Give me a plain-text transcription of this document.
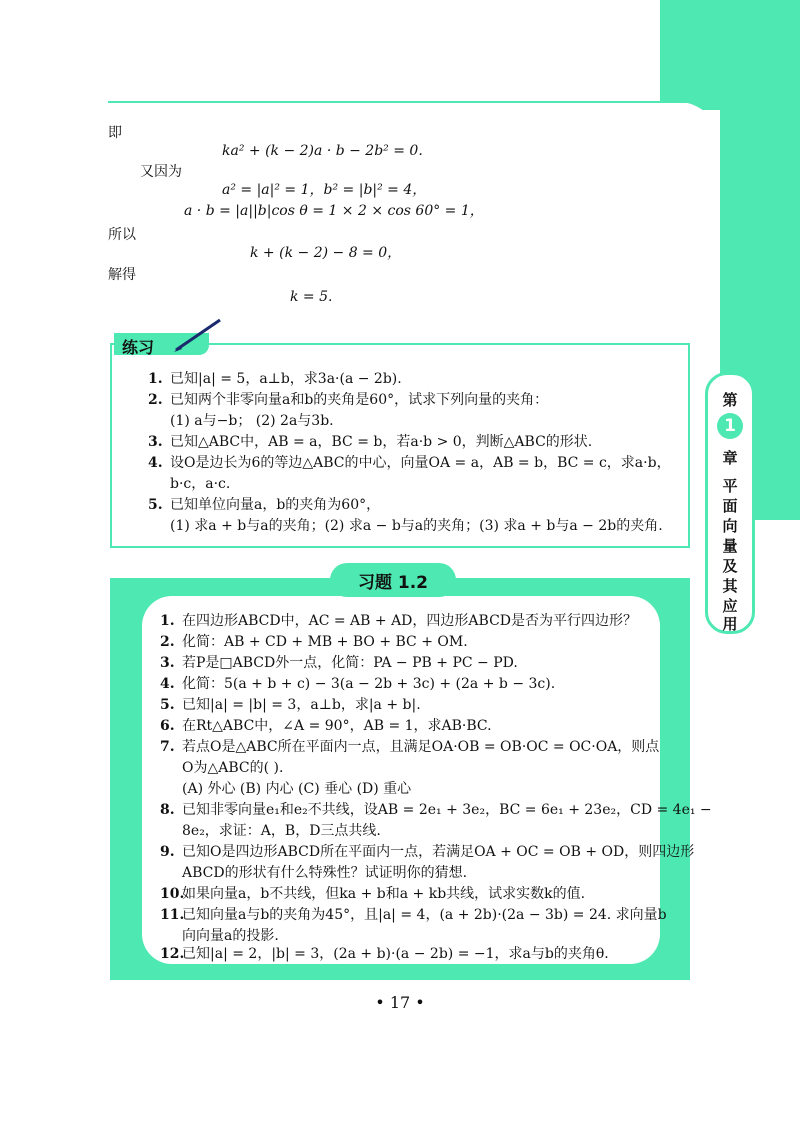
第
1
章
平
面
向
量
及
其
应
用
即
ka² + (k − 2)a · b − 2b² = 0.
又因为
a² = |a|² = 1，b² = |b|² = 4，
a · b = |a||b|cos θ = 1 × 2 × cos 60° = 1，
所以
k + (k − 2) − 8 = 0，
解得
k = 5.
练习
1. 已知|a| = 5，a⊥b，求3a·(a − 2b).
2. 已知两个非零向量a和b的夹角是60°，试求下列向量的夹角：
(1) a与−b； (2) 2a与3b.
3. 已知△ABC中，AB = a，BC = b，若a·b > 0，判断△ABC的形状.
4. 设O是边长为6的等边△ABC的中心，向量OA = a，AB = b，BC = c，求a·b，
b·c，a·c.
5. 已知单位向量a，b的夹角为60°，
(1) 求a + b与a的夹角；(2) 求a − b与a的夹角；(3) 求a + b与a − 2b的夹角.
习题 1.2
1. 在四边形ABCD中，AC = AB + AD，四边形ABCD是否为平行四边形？
2. 化简：AB + CD + MB + BO + BC + OM.
3. 若P是□ABCD外一点，化简：PA − PB + PC − PD.
4. 化简：5(a + b + c) − 3(a − 2b + 3c) + (2a + b − 3c).
5. 已知|a| = |b| = 3，a⊥b，求|a + b|.
6. 在Rt△ABC中，∠A = 90°，AB = 1，求AB·BC.
7. 若点O是△ABC所在平面内一点，且满足OA·OB = OB·OC = OC·OA，则点
O为△ABC的( ).
(A) 外心 (B) 内心 (C) 垂心 (D) 重心
8. 已知非零向量e₁和e₂不共线，设AB = 2e₁ + 3e₂，BC = 6e₁ + 23e₂，CD = 4e₁ −
8e₂，求证：A，B，D三点共线.
9. 已知O是四边形ABCD所在平面内一点，若满足OA + OC = OB + OD，则四边形
ABCD的形状有什么特殊性？试证明你的猜想.
10.如果向量a，b不共线，但ka + b和a + kb共线，试求实数k的值.
11.已知向量a与b的夹角为45°，且|a| = 4，(a + 2b)·(2a − 3b) = 24. 求向量b
向向量a的投影.
12.已知|a| = 2，|b| = 3，(2a + b)·(a − 2b) = −1，求a与b的夹角θ.
• 17 •
